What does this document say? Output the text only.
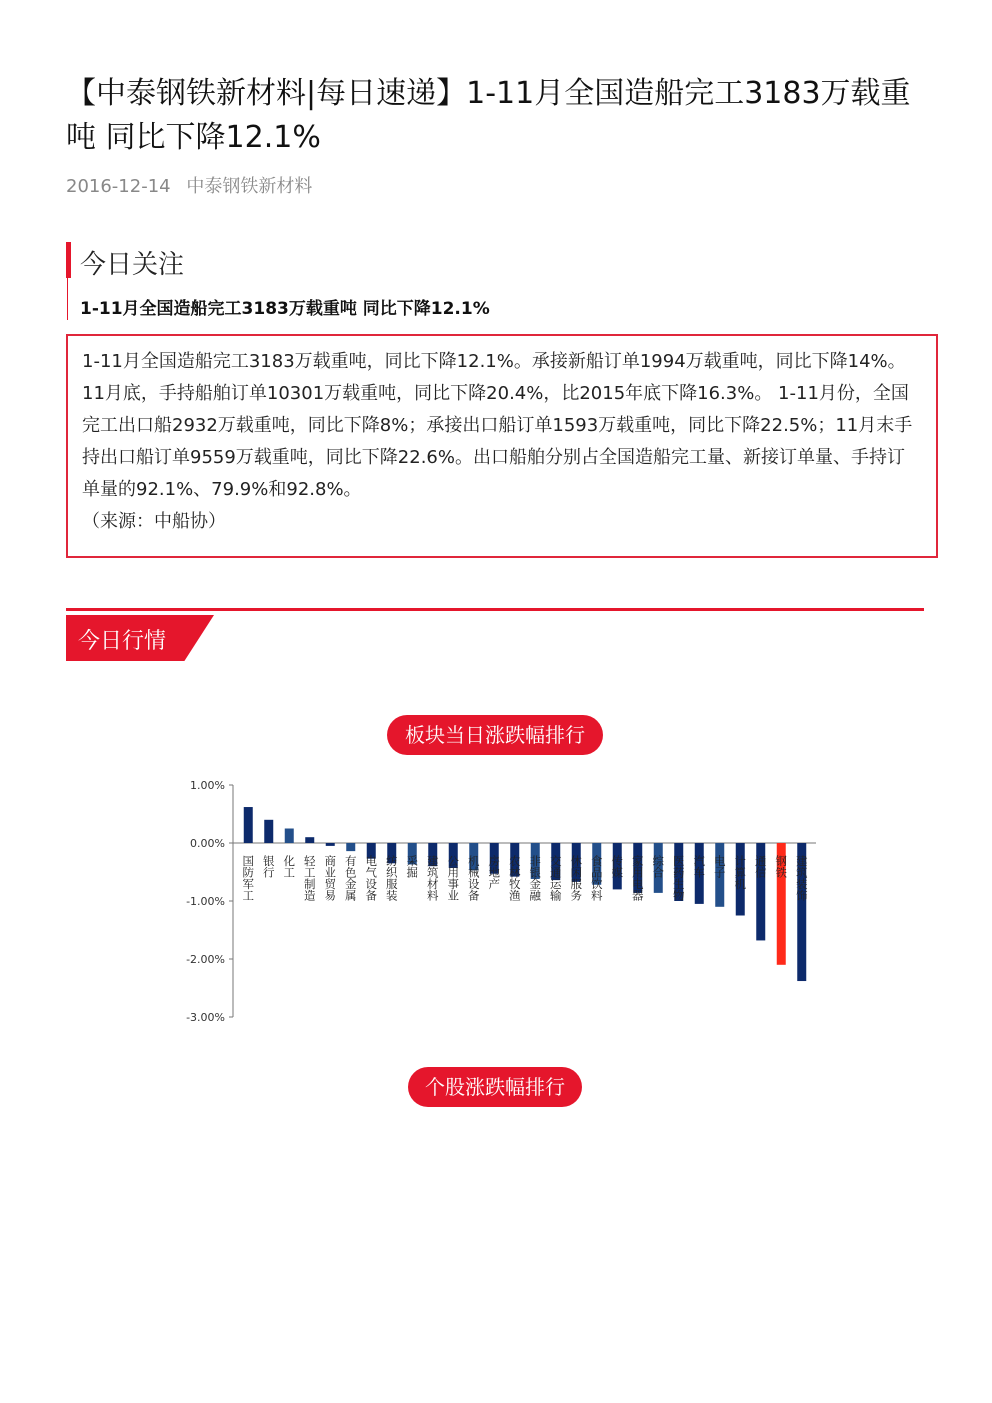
【中泰钢铁新材料|每日速递】1-11月全国造船完工3183万载重吨 同比下降12.1%
2016-12-14 中泰钢铁新材料
今日关注
1-11月全国造船完工3183万载重吨 同比下降12.1%

1-11月全国造船完工3183万载重吨，同比下降12.1%。承接新船订单1994万载重吨，同比下降14%。11月底，手持船舶订单10301万载重吨，同比下降20.4%，比2015年底下降16.3%。 1-11月份，全国完工出口船2932万载重吨，同比下降8%；承接出口船订单1593万载重吨，同比下降22.5%；11月末手持出口船订单9559万载重吨，同比下降22.6%。出口船舶分别占全国造船完工量、新接订单量、手持订单量的92.1%、79.9%和92.8%。

（来源：中船协）

今日行情
板块当日涨跌幅排行
1.00%
0.00%
-1.00%
-2.00%
-3.00%
国防军工 银行 化工 轻工制造 商业贸易 有色金属 电气设备 纺织服装 采掘 建筑材料 公用事业 机械设备 房地产 农林牧渔 非银金融 交通运输 休闲服务 食品饮料 传媒 家用电器 综合 医药生物 汽车 电子 计算机 通信 钢铁 建筑装饰
个股涨跌幅排行
